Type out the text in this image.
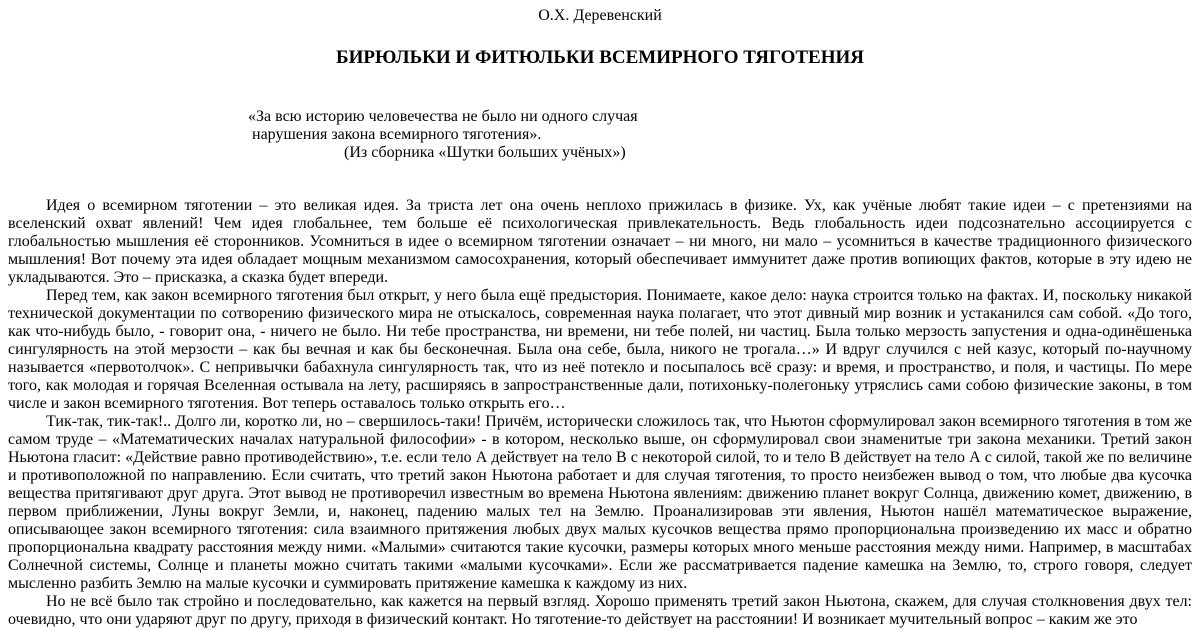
О.Х. Деревенский
БИРЮЛЬКИ И ФИТЮЛЬКИ ВСЕМИРНОГО ТЯГОТЕНИЯ
«За всю историю человечества не было ни одного случая
нарушения закона всемирного тяготения».
(Из сборника «Шутки больших учёных»)

Идея о всемирном тяготении – это великая идея. За триста лет она очень неплохо прижилась в физике. Ух, как учёные любят такие идеи – с претензиями на вселенский охват явлений! Чем идея глобальнее, тем больше её психологическая привлекательность. Ведь глобальность идеи подсознательно ассоциируется с глобальностью мышления её сторонников. Усомниться в идее о всемирном тяготении означает – ни много, ни мало – усомниться в качестве традиционного физического мышления! Вот почему эта идея обладает мощным механизмом самосохранения, который обеспечивает иммунитет даже против вопиющих фактов, которые в эту идею не укладываются. Это – присказка, а сказка будет впереди.

Перед тем, как закон всемирного тяготения был открыт, у него была ещё предыстория. Понимаете, какое дело: наука строится только на фактах. И, поскольку никакой технической документации по сотворению физического мира не отыскалось, современная наука полагает, что этот дивный мир возник и устаканился сам собой. «До того, как что-нибудь было, - говорит она, - ничего не было. Ни тебе пространства, ни времени, ни тебе полей, ни частиц. Была только мерзость запустения и одна-одинёшенька сингулярность на этой мерзости – как бы вечная и как бы бесконечная. Была она себе, была, никого не трогала…» И вдруг случился с ней казус, который по-научному называется «первотолчок». С непривычки бабахнула сингулярность так, что из неё потекло и посыпалось всё сразу: и время, и пространство, и поля, и частицы. По мере того, как молодая и горячая Вселенная остывала на лету, расширяясь в запространственные дали, потихоньку-полегоньку утряслись сами собою физические законы, в том числе и закон всемирного тяготения. Вот теперь оставалось только открыть его…

Тик-так, тик-так!.. Долго ли, коротко ли, но – свершилось-таки! Причём, исторически сложилось так, что Ньютон сформулировал закон всемирного тяготения в том же самом труде – «Математических началах натуральной философии» - в котором, несколько выше, он сформулировал свои знаменитые три закона механики. Третий закон Ньютона гласит: «Действие равно противодействию», т.е. если тело А действует на тело В с некоторой силой, то и тело В действует на тело А с силой, такой же по величине и противоположной по направлению. Если считать, что третий закон Ньютона работает и для случая тяготения, то просто неизбежен вывод о том, что любые два кусочка вещества притягивают друг друга. Этот вывод не противоречил известным во времена Ньютона явлениям: движению планет вокруг Солнца, движению комет, движению, в первом приближении, Луны вокруг Земли, и, наконец, падению малых тел на Землю. Проанализировав эти явления, Ньютон нашёл математическое выражение, описывающее закон всемирного тяготения: сила взаимного притяжения любых двух малых кусочков вещества прямо пропорциональна произведению их масс и обратно пропорциональна квадрату расстояния между ними. «Малыми» считаются такие кусочки, размеры которых много меньше расстояния между ними. Например, в масштабах Солнечной системы, Солнце и планеты можно считать такими «малыми кусочками». Если же рассматривается падение камешка на Землю, то, строго говоря, следует мысленно разбить Землю на малые кусочки и суммировать притяжение камешка к каждому из них.

Но не всё было так стройно и последовательно, как кажется на первый взгляд. Хорошо применять третий закон Ньютона, скажем, для случая столкновения двух тел: очевидно, что они ударяют друг по другу, приходя в физический контакт. Но тяготение-то действует на расстоянии! И возникает мучительный вопрос – каким же это
